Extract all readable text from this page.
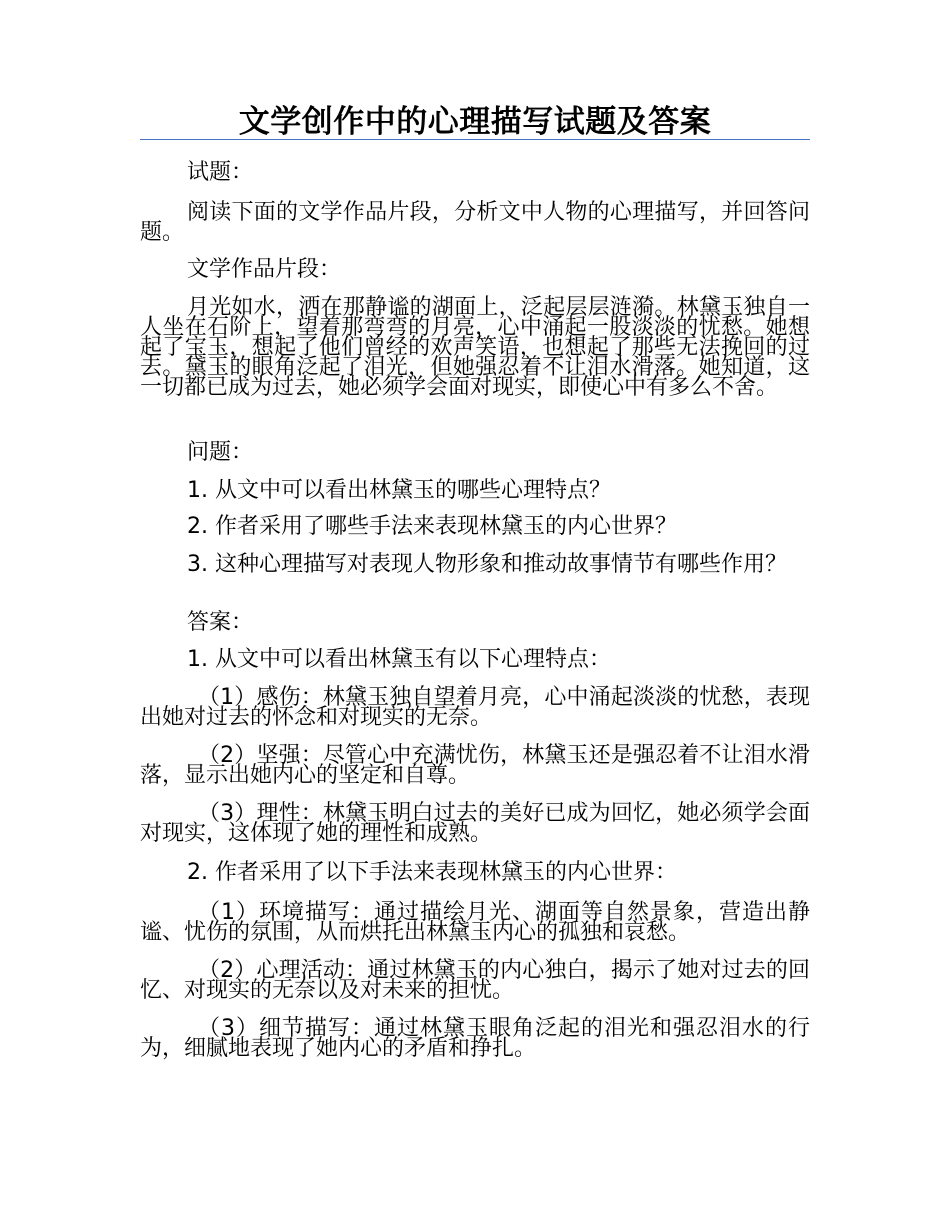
文学创作中的心理描写试题及答案

试题：

阅读下面的文学作品片段，分析文中人物的心理描写，并回答问题。

文学作品片段：

月光如水，洒在那静谧的湖面上，泛起层层涟漪。林黛玉独自一人坐在石阶上，望着那弯弯的月亮，心中涌起一股淡淡的忧愁。她想起了宝玉，想起了他们曾经的欢声笑语，也想起了那些无法挽回的过去。黛玉的眼角泛起了泪光，但她强忍着不让泪水滑落。她知道，这一切都已成为过去，她必须学会面对现实，即使心中有多么不舍。

问题：

1. 从文中可以看出林黛玉的哪些心理特点？

2. 作者采用了哪些手法来表现林黛玉的内心世界？

3. 这种心理描写对表现人物形象和推动故事情节有哪些作用？

答案：

1. 从文中可以看出林黛玉有以下心理特点：

（1）感伤：林黛玉独自望着月亮，心中涌起淡淡的忧愁，表现出她对过去的怀念和对现实的无奈。

（2）坚强：尽管心中充满忧伤，林黛玉还是强忍着不让泪水滑落，显示出她内心的坚定和自尊。

（3）理性：林黛玉明白过去的美好已成为回忆，她必须学会面对现实，这体现了她的理性和成熟。

2. 作者采用了以下手法来表现林黛玉的内心世界：

（1）环境描写：通过描绘月光、湖面等自然景象，营造出静谧、忧伤的氛围，从而烘托出林黛玉内心的孤独和哀愁。

（2）心理活动：通过林黛玉的内心独白，揭示了她对过去的回忆、对现实的无奈以及对未来的担忧。

（3）细节描写：通过林黛玉眼角泛起的泪光和强忍泪水的行为，细腻地表现了她内心的矛盾和挣扎。
